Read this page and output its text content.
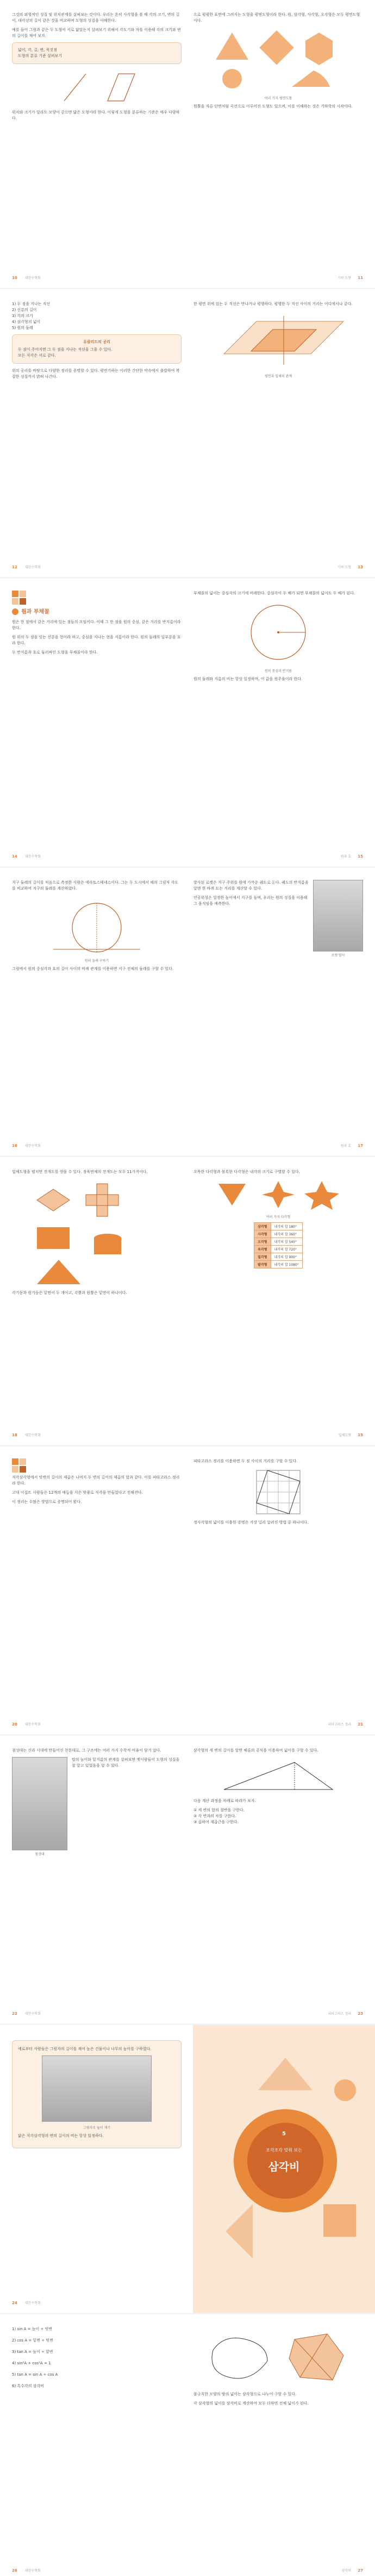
그것의 외형적인 성질 및 위치관계를 살펴보는 것이다. 우리는 흔히 사각형을 볼 때 각의 크기, 변의 길이, 대각선의 길이 같은 것을 비교하며 도형의 성질을 이해한다.

예를 들어 그림과 같은 두 도형이 서로 닮았는지 살펴보기 위해서 각도기와 자를 이용해 각의 크기와 변의 길이를 재어 보자.

넓이, 각, 길, 변, 꼭짓점

도형의 분류 기준 살펴보기

위치와 크기가 달라도 모양이 같으면 닮은 도형이라 한다. 이렇게 도형을 분류하는 기준은 매우 다양하다.

으로 평평한 표면에 그려지는 도형을 평면도형이라 한다. 원, 삼각형, 사각형, 오각형은 모두 평면도형이다.

여러 가지 평면도형

원뿔을 자른 단면처럼 곡선으로 이루어진 도형도 있으며, 이를 이해하는 것은 기하학의 시작이다.

10 대한수학회	기하 도형 11

1) 두 점을 지나는 직선

2) 선분의 길이

3) 각의 크기

4) 삼각형의 넓이

5) 원의 둘레

유클리드의 공리

두 점이 주어지면 그 두 점을 지나는 직선을 그을 수 있다.

모든 직각은 서로 같다.

위의 공리를 바탕으로 다양한 정리를 증명할 수 있다. 평면기하는 이러한 간단한 약속에서 출발하여 복잡한 성질까지 밝혀 나간다.

한 평면 위에 있는 두 직선은 만나거나 평행하다. 평행한 두 직선 사이의 거리는 어디에서나 같다.

평면과 입체의 관계

12 대한수학회	기하 도형 13

원과 부채꼴

원은 한 점에서 같은 거리에 있는 점들의 모임이다. 이때 그 한 점을 원의 중심, 같은 거리를 반지름이라 한다.

원 위의 두 점을 잇는 선분을 현이라 하고, 중심을 지나는 현을 지름이라 한다. 원의 둘레의 일부분을 호라 한다.

두 반지름과 호로 둘러싸인 도형을 부채꼴이라 한다.

부채꼴의 넓이는 중심각의 크기에 비례한다. 중심각이 두 배가 되면 부채꼴의 넓이도 두 배가 된다.

원의 중심과 반지름

원의 둘레와 지름의 비는 항상 일정하며, 이 값을 원주율이라 한다.

14 대한수학회	원과 호 15

지구 둘레의 길이를 처음으로 측정한 사람은 에라토스테네스이다. 그는 두 도시에서 해의 그림자 각도를 비교하여 지구의 둘레를 계산하였다.

원의 둘레 구하기

그림에서 원의 중심각과 호의 길이 사이의 비례 관계를 이용하면 지구 전체의 둘레를 구할 수 있다.

발사된 로켓은 지구 주위를 원에 가까운 궤도로 돈다. 궤도의 반지름을 알면 한 바퀴 도는 거리를 계산할 수 있다.

인공위성은 일정한 높이에서 지구를 돌며, 우리는 원의 성질을 이용해 그 움직임을 예측한다.

로켓 발사

16 대한수학회	원과 호 17

입체도형을 펼치면 전개도를 얻을 수 있다. 정육면체의 전개도는 모두 11가지이다.

각기둥과 원기둥은 밑면이 두 개이고, 각뿔과 원뿔은 밑면이 하나이다.

오목한 다각형과 볼록한 다각형은 내각의 크기로 구별할 수 있다.

여러 가지 다각형

삼각형	내각의 합 180°
사각형	내각의 합 360°
오각형	내각의 합 540°
육각형	내각의 합 720°
칠각형	내각의 합 900°
팔각형	내각의 합 1080°
18 대한수학회	입체도형 19

직각삼각형에서 빗변의 길이의 제곱은 나머지 두 변의 길이의 제곱의 합과 같다. 이를 피타고라스 정리라 한다.

고대 이집트 사람들은 12개의 매듭을 지은 밧줄로 직각을 만들었다고 전해진다.

이 정리는 수많은 방법으로 증명되어 왔다.

피타고라스 정리를 이용하면 두 점 사이의 거리를 구할 수 있다.

정사각형의 넓이를 이용한 증명은 가장 널리 알려진 방법 중 하나이다.

20 대한수학회	피타고라스 정리 21

첨성대는 신라 시대에 만들어진 천문대로, 그 구조에는 여러 가지 수학적 비율이 담겨 있다.

첨성대

탑의 높이와 밑지름의 관계를 살펴보면 옛사람들이 도형의 성질을 잘 알고 있었음을 알 수 있다.

삼각형의 세 변의 길이를 알면 헤론의 공식을 이용하여 넓이를 구할 수 있다.

다음 계산 과정을 차례로 따라가 보자.

① 세 변의 합의 절반을 구한다.

② 각 변과의 차를 구한다.

③ 곱하여 제곱근을 구한다.

22 대한수학회	피타고라스 정리 23

예로부터 사람들은 그림자의 길이를 재어 높은 건물이나 나무의 높이를 구하였다.

그림자로 높이 재기

닮은 직각삼각형의 변의 길이의 비는 항상 일정하다.	5
조각조각 맞춰 보는
삼각비
24 대한수학회

1) sin A = 높이 ÷ 빗변

2) cos A = 밑변 ÷ 빗변

3) tan A = 높이 ÷ 밑변

4) sin²A + cos²A = 1

5) tan A = sin A ÷ cos A

6) 특수각의 삼각비

불규칙한 모양의 땅의 넓이는 삼각형으로 나누어 구할 수 있다.

각 삼각형의 넓이를 삼각비로 계산하여 모두 더하면 전체 넓이가 된다.

26 대한수학회	삼각비 27
